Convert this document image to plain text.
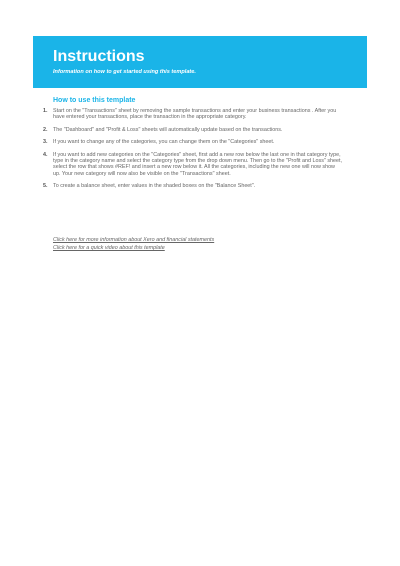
Instructions
Information on how to get started using this template.
How to use this template
1.	Start on the "Transactions" sheet by removing the sample transactions and enter your business transactions . After you have entered your transactions, place the transaction in the appropriate category.
2.	The "Dashboard" and "Profit & Loss" sheets will automatically update based on the transactions.
3.	If you want to change any of the categories, you can change them on the "Categories" sheet.
4.	If you want to add new categories on the "Categories" sheet, first add a new row below the last one in that category type, type in the category name and select the category type from the drop down menu. Then go to the "Profit and Loss" sheet, select the row that shows #REF! and insert a new row below it. All the categories, including the new one will now show up. Your new category will now also be visible on the "Transactions" sheet.
5.	To create a balance sheet, enter values in the shaded boxes on the "Balance Sheet".
Click here for more information about Xero and financial statements
Click here for a quick video about this template
